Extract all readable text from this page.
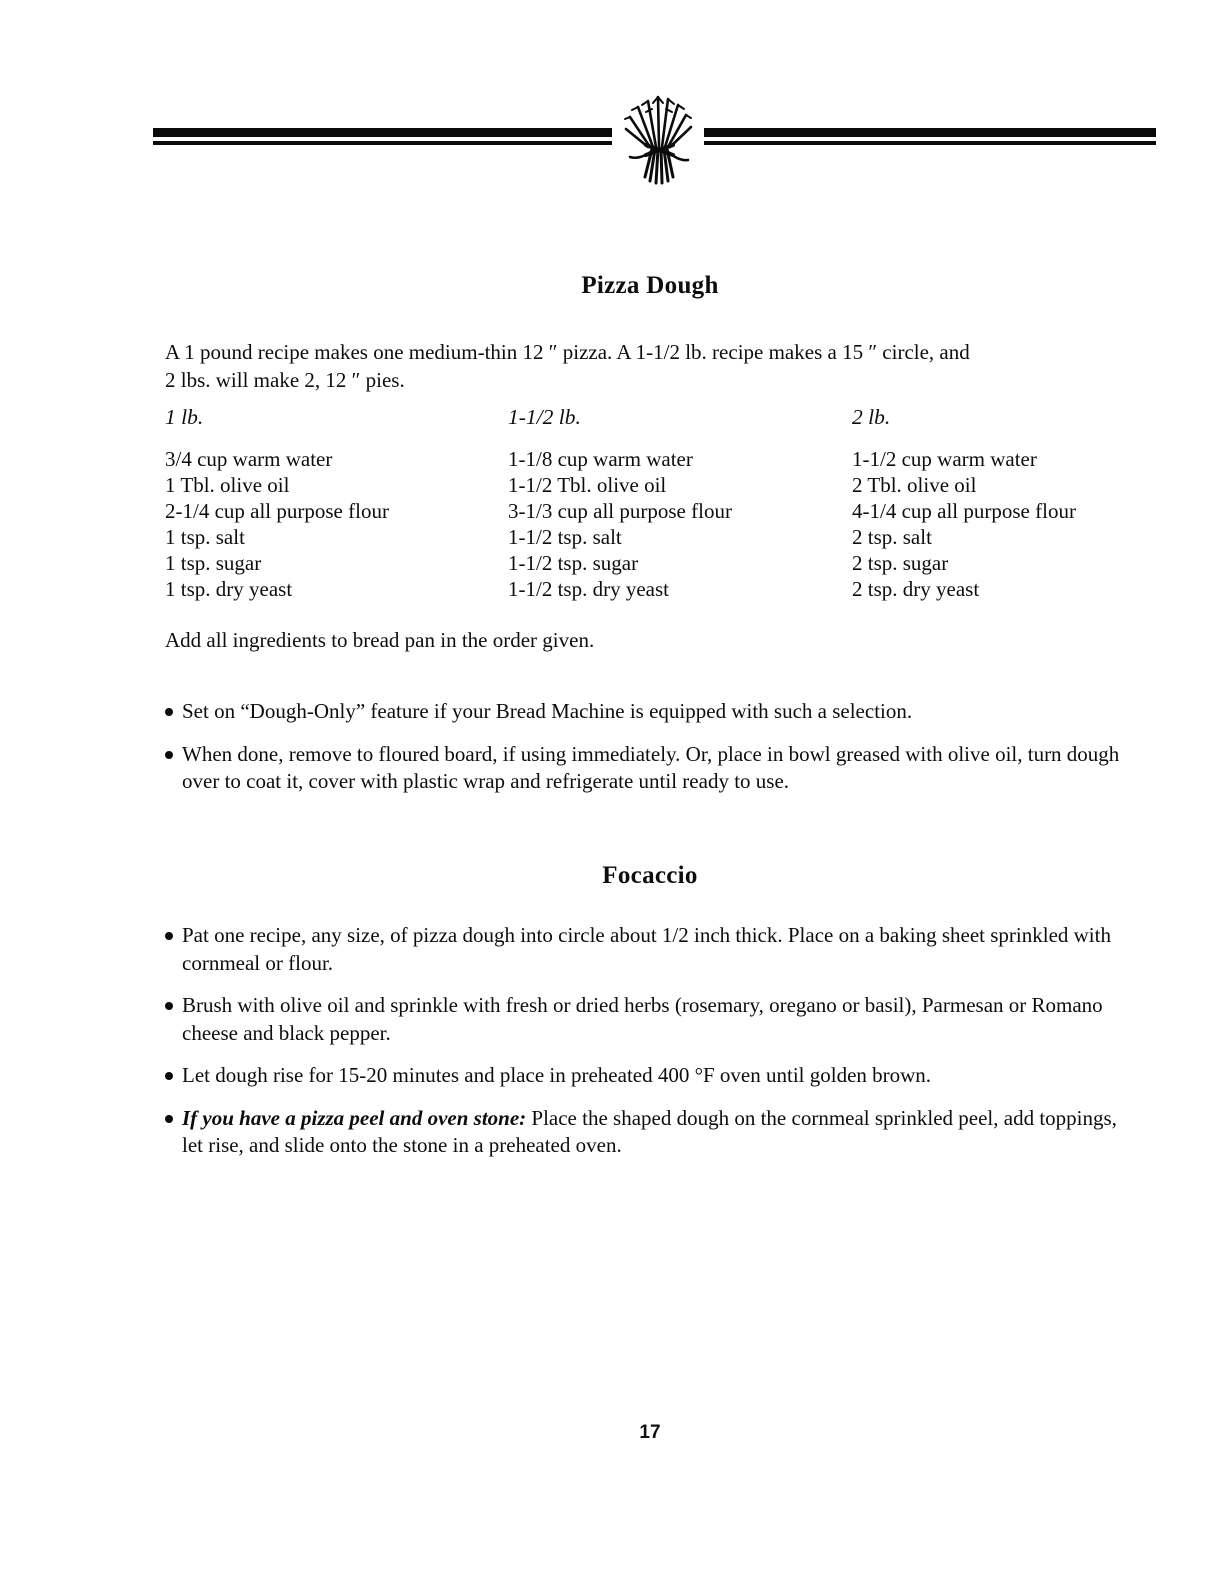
Pizza Dough
A 1 pound recipe makes one medium-thin 12 ″ pizza. A 1-1/2 lb. recipe makes a 15 ″ circle, and
2 lbs. will make 2, 12 ″ pies.
1 lb.
3/4 cup warm water
1 Tbl. olive oil
2-1/4 cup all purpose flour
1 tsp. salt
1 tsp. sugar
1 tsp. dry yeast
1-1/2 lb.
1-1/8 cup warm water
1-1/2 Tbl. olive oil
3-1/3 cup all purpose flour
1-1/2 tsp. salt
1-1/2 tsp. sugar
1-1/2 tsp. dry yeast
2 lb.
1-1/2 cup warm water
2 Tbl. olive oil
4-1/4 cup all purpose flour
2 tsp. salt
2 tsp. sugar
2 tsp. dry yeast
Add all ingredients to bread pan in the order given.
Set on “Dough-Only” feature if your Bread Machine is equipped with such a selection.
When done, remove to floured board, if using immediately. Or, place in bowl greased with olive oil, turn dough over to coat it, cover with plastic wrap and refrigerate until ready to use.
Focaccio
Pat one recipe, any size, of pizza dough into circle about 1/2 inch thick. Place on a baking sheet sprinkled with cornmeal or flour.
Brush with olive oil and sprinkle with fresh or dried herbs (rosemary, oregano or basil), Parmesan or Romano cheese and black pepper.
Let dough rise for 15-20 minutes and place in preheated 400 °F oven until golden brown.
If you have a pizza peel and oven stone: Place the shaped dough on the cornmeal sprinkled peel, add toppings, let rise, and slide onto the stone in a preheated oven.
17
